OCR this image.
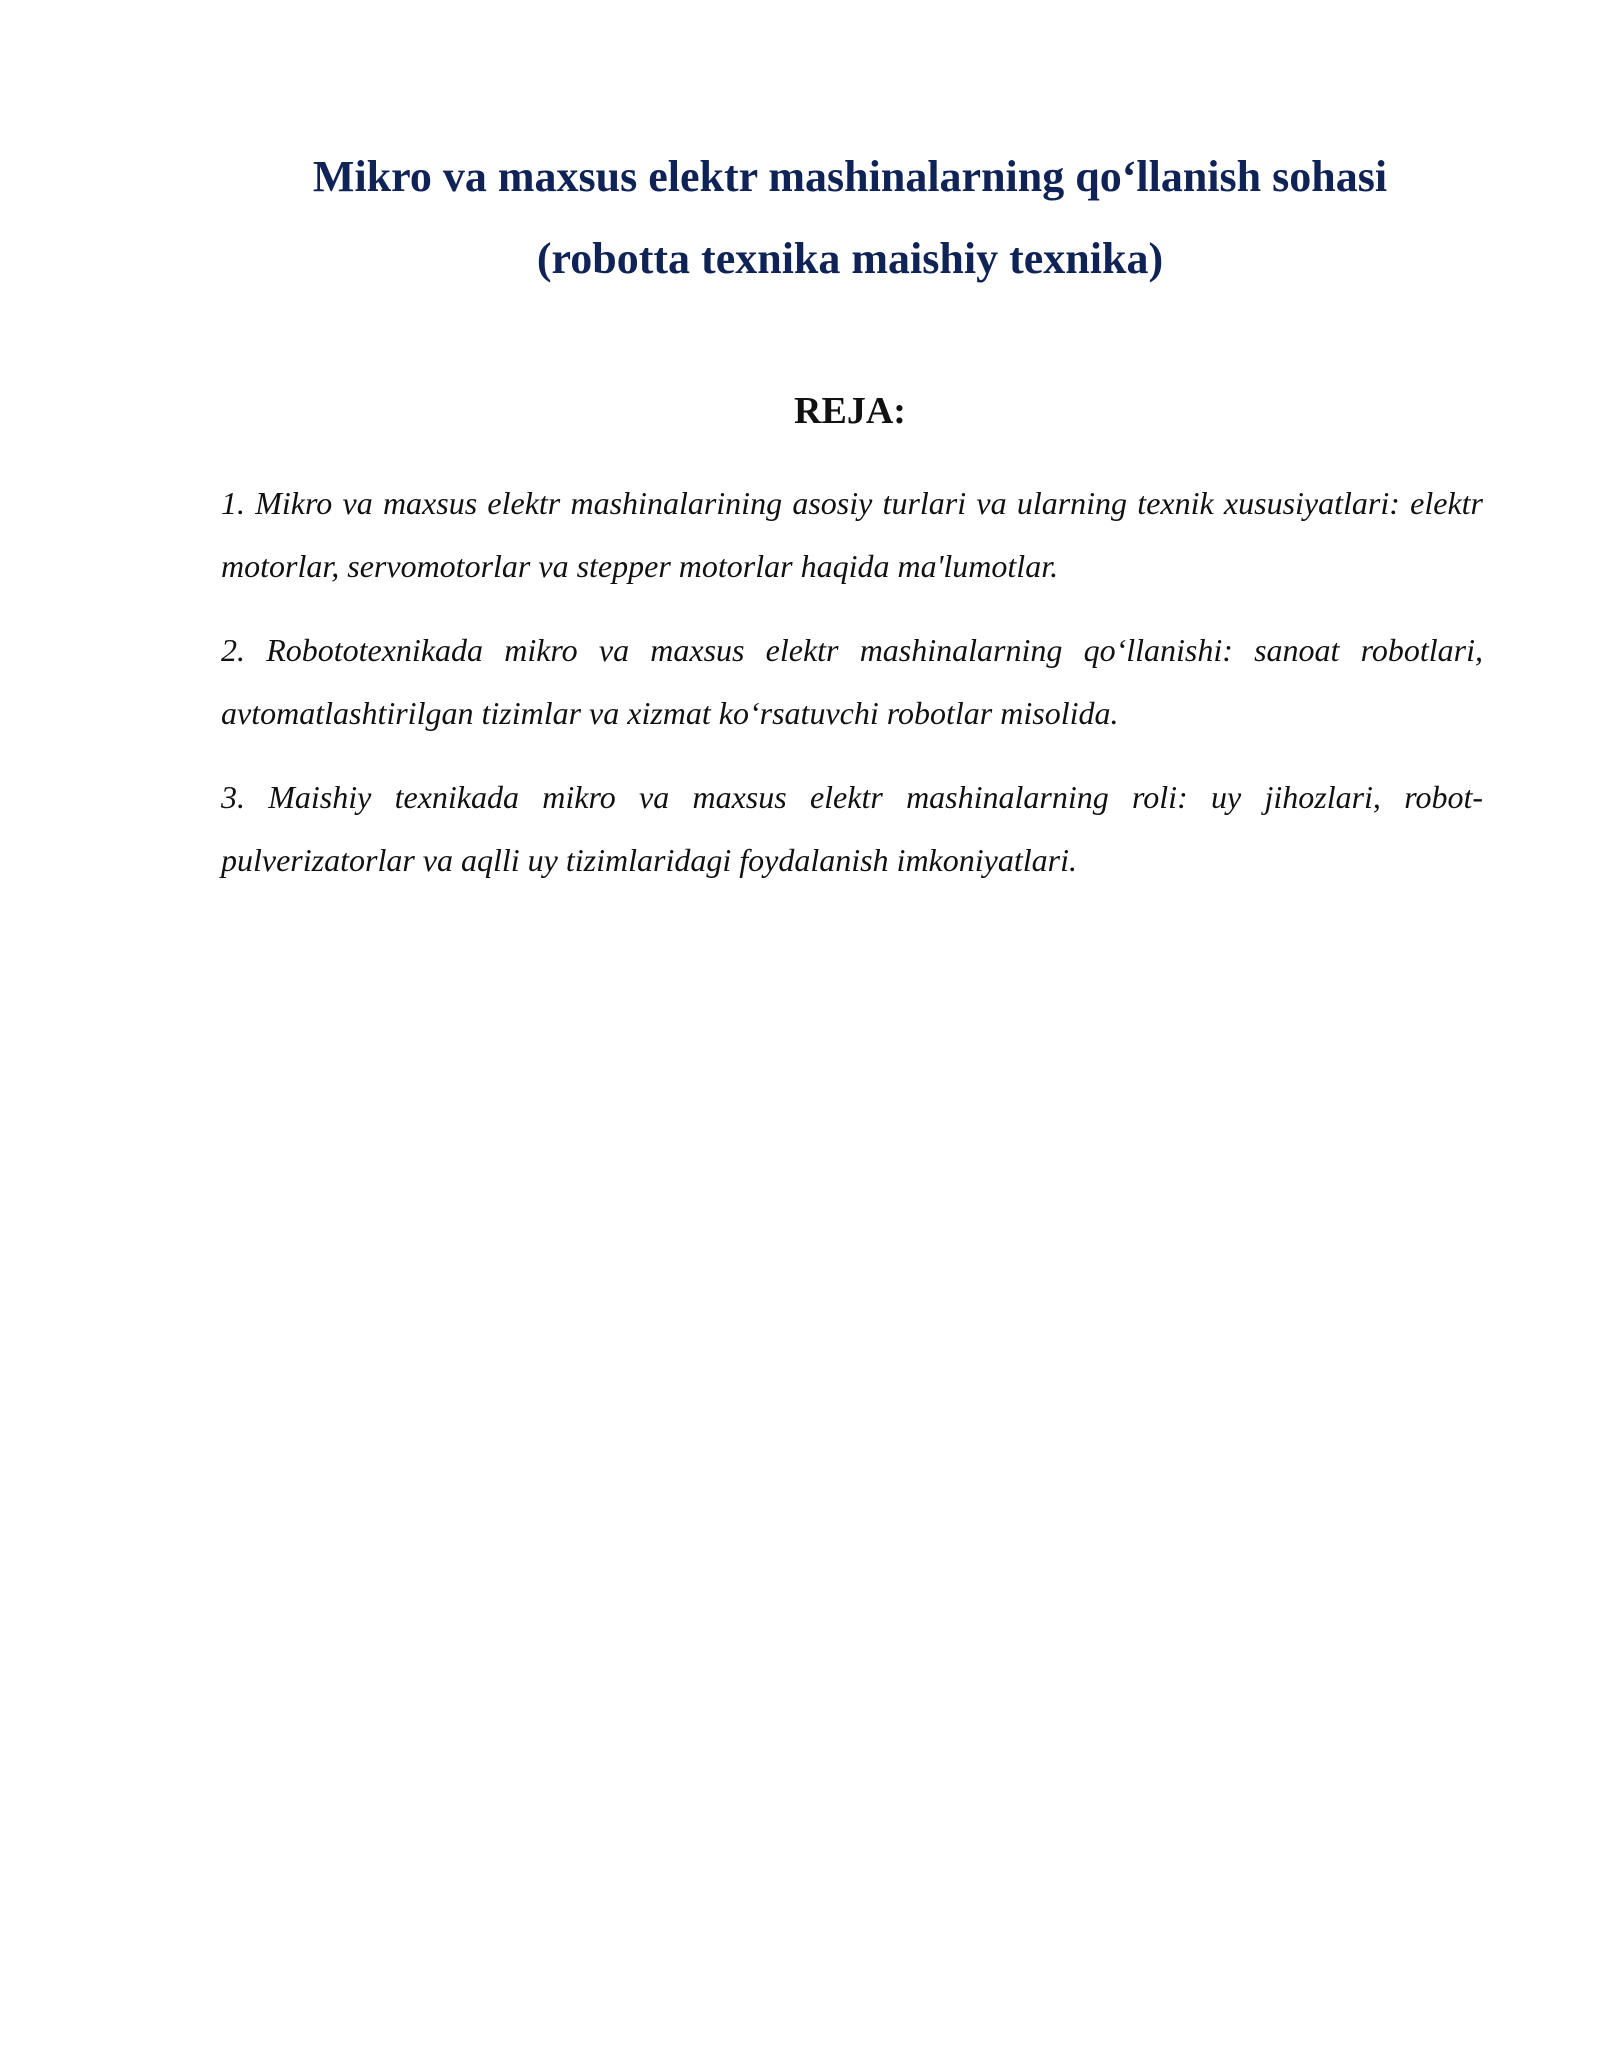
Mikro va maxsus elektr mashinalarning qo‘llanish sohasi
(robotta texnika maishiy texnika)
REJA:
1. Mikro va maxsus elektr mashinalarining asosiy turlari va ularning texnik xususiyatlari: elektr motorlar, servomotorlar va stepper motorlar haqida ma'lumotlar.
2. Robototexnikada mikro va maxsus elektr mashinalarning qo‘llanishi: sanoat robotlari, avtomatlashtirilgan tizimlar va xizmat ko‘rsatuvchi robotlar misolida.
3. Maishiy texnikada mikro va maxsus elektr mashinalarning roli: uy jihozlari, robot-pulverizatorlar va aqlli uy tizimlaridagi foydalanish imkoniyatlari.
